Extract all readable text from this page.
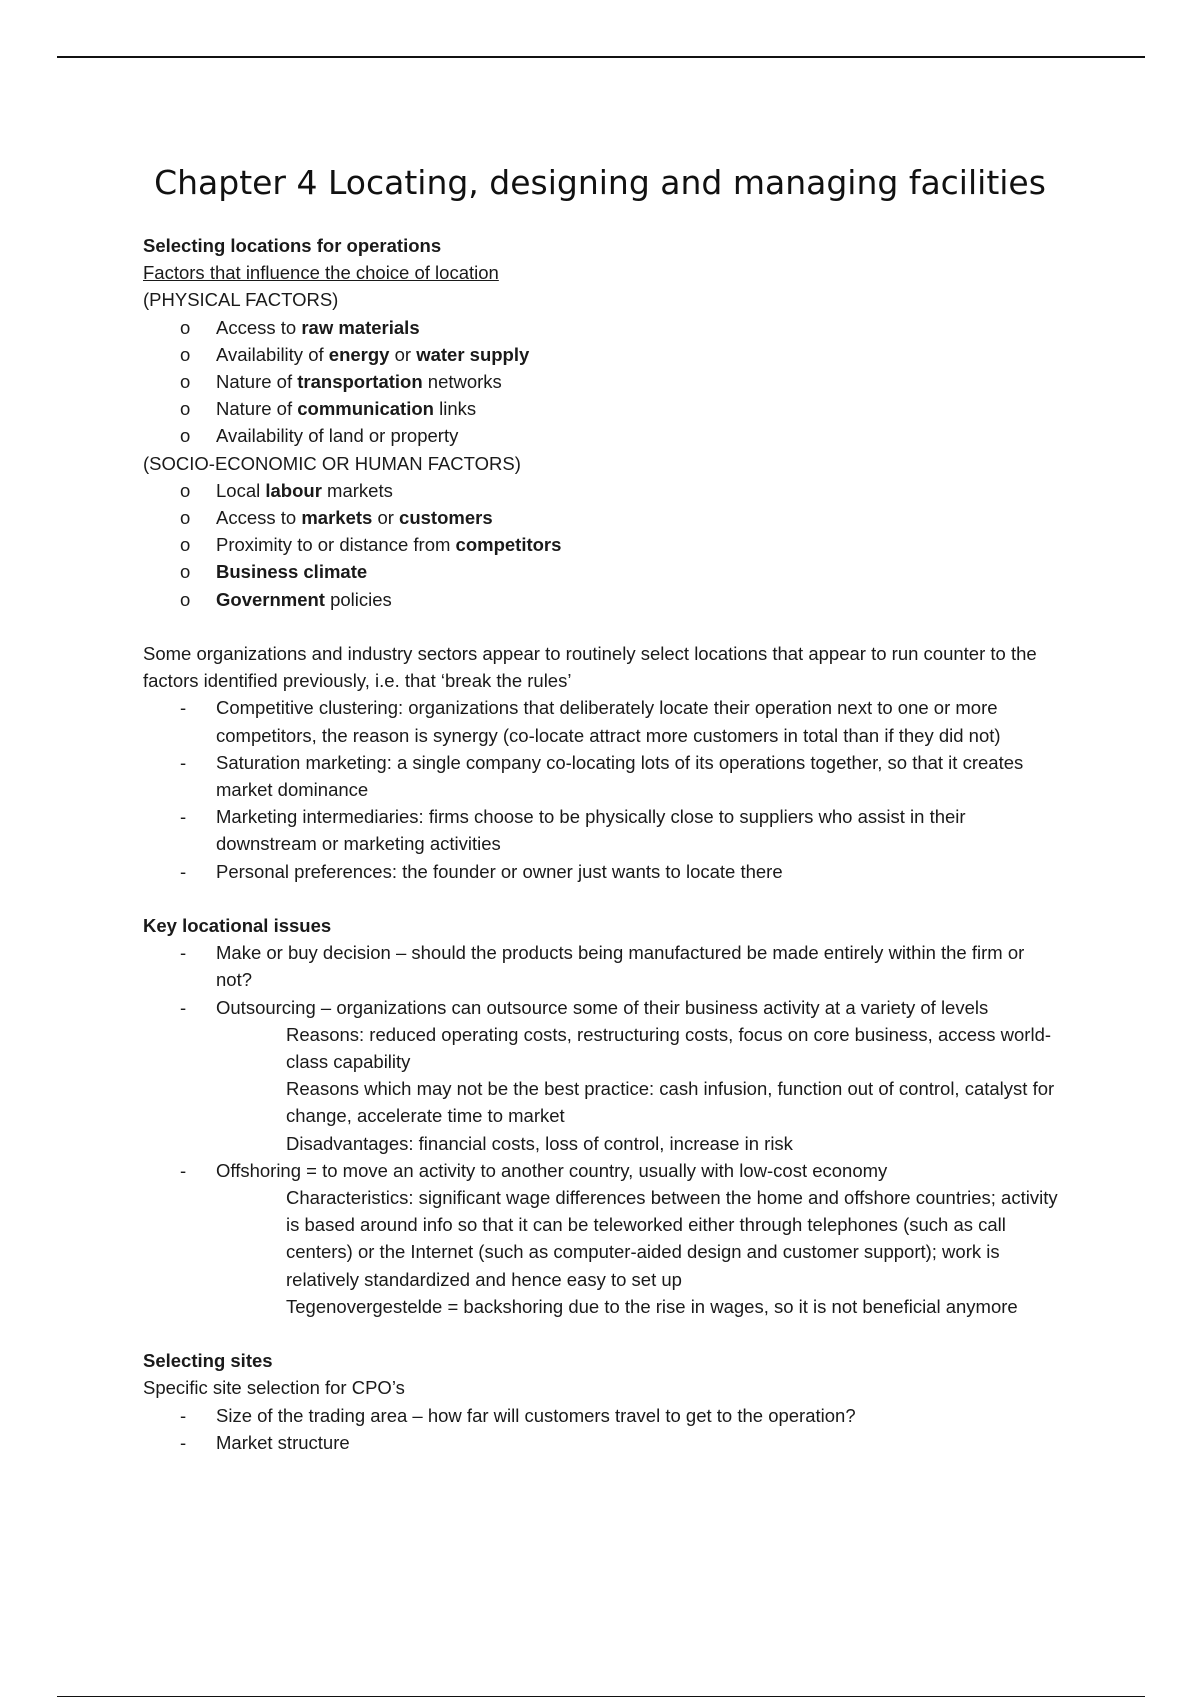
Chapter 4 Locating, designing and managing facilities

Selecting locations for operations

Factors that influence the choice of location

(PHYSICAL FACTORS)

o Access to raw materials

o Availability of energy or water supply

o Nature of transportation networks

o Nature of communication links

o Availability of land or property

(SOCIO-ECONOMIC OR HUMAN FACTORS)

o Local labour markets

o Access to markets or customers

o Proximity to or distance from competitors

o Business climate

o Government policies

Some organizations and industry sectors appear to routinely select locations that appear to run counter to the factors identified previously, i.e. that ‘break the rules’

- Competitive clustering: organizations that deliberately locate their operation next to one or more competitors, the reason is synergy (co-locate attract more customers in total than if they did not)
- Saturation marketing: a single company co-locating lots of its operations together, so that it creates market dominance
- Marketing intermediaries: firms choose to be physically close to suppliers who assist in their downstream or marketing activities
- Personal preferences: the founder or owner just wants to locate there

Key locational issues

- Make or buy decision – should the products being manufactured be made entirely within the firm or not?
- Outsourcing – organizations can outsource some of their business activity at a variety of levels

Reasons: reduced operating costs, restructuring costs, focus on core business, access world-class capability

Reasons which may not be the best practice: cash infusion, function out of control, catalyst for change, accelerate time to market

Disadvantages: financial costs, loss of control, increase in risk

- Offshoring = to move an activity to another country, usually with low-cost economy

Characteristics: significant wage differences between the home and offshore countries; activity is based around info so that it can be teleworked either through telephones (such as call centers) or the Internet (such as computer-aided design and customer support); work is relatively standardized and hence easy to set up

Tegenovergestelde = backshoring due to the rise in wages, so it is not beneficial anymore

Selecting sites

Specific site selection for CPO’s

- Size of the trading area – how far will customers travel to get to the operation?
- Market structure
